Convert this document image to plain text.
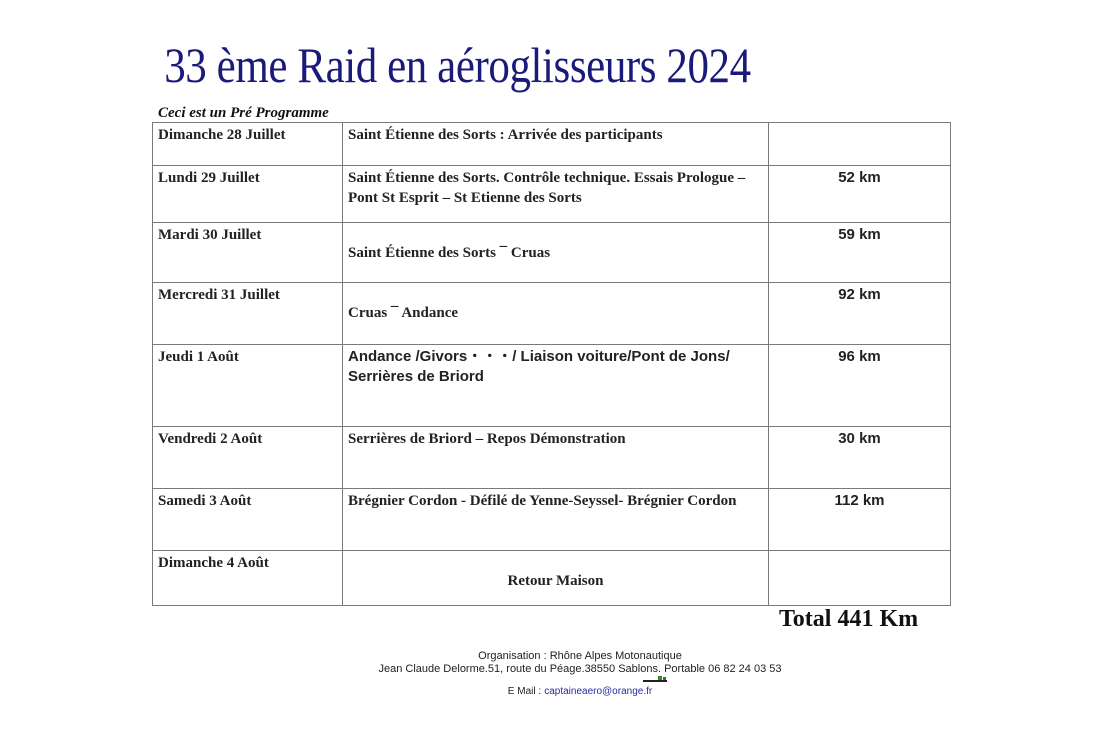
33 ème Raid en aéroglisseurs 2024
Ceci est un Pré Programme
Dimanche 28 Juillet	Saint Étienne des Sorts : Arrivée des participants	
Lundi 29 Juillet	Saint Étienne des Sorts. Contrôle technique. Essais Prologue – Pont St Esprit – St Etienne des Sorts	52 km
Mardi 30 Juillet	Saint Étienne des Sorts ¯ Cruas	59 km
Mercredi 31 Juillet	Cruas ¯ Andance	92 km
Jeudi 1 Août	Andance /Givors・・・/ Liaison voiture/Pont de Jons/ Serrières de Briord	96 km
Vendredi 2 Août	Serrières de Briord – Repos Démonstration	30 km
Samedi 3 Août	Brégnier Cordon - Défilé de Yenne-Seyssel- Brégnier Cordon	112 km
Dimanche 4 Août	Retour Maison	
Total 441 Km
Organisation : Rhône Alpes Motonautique
Jean Claude Delorme.51, route du Péage.38550 Sablons. Portable 06 82 24 03 53
E Mail : captaineaero@orange.fr
